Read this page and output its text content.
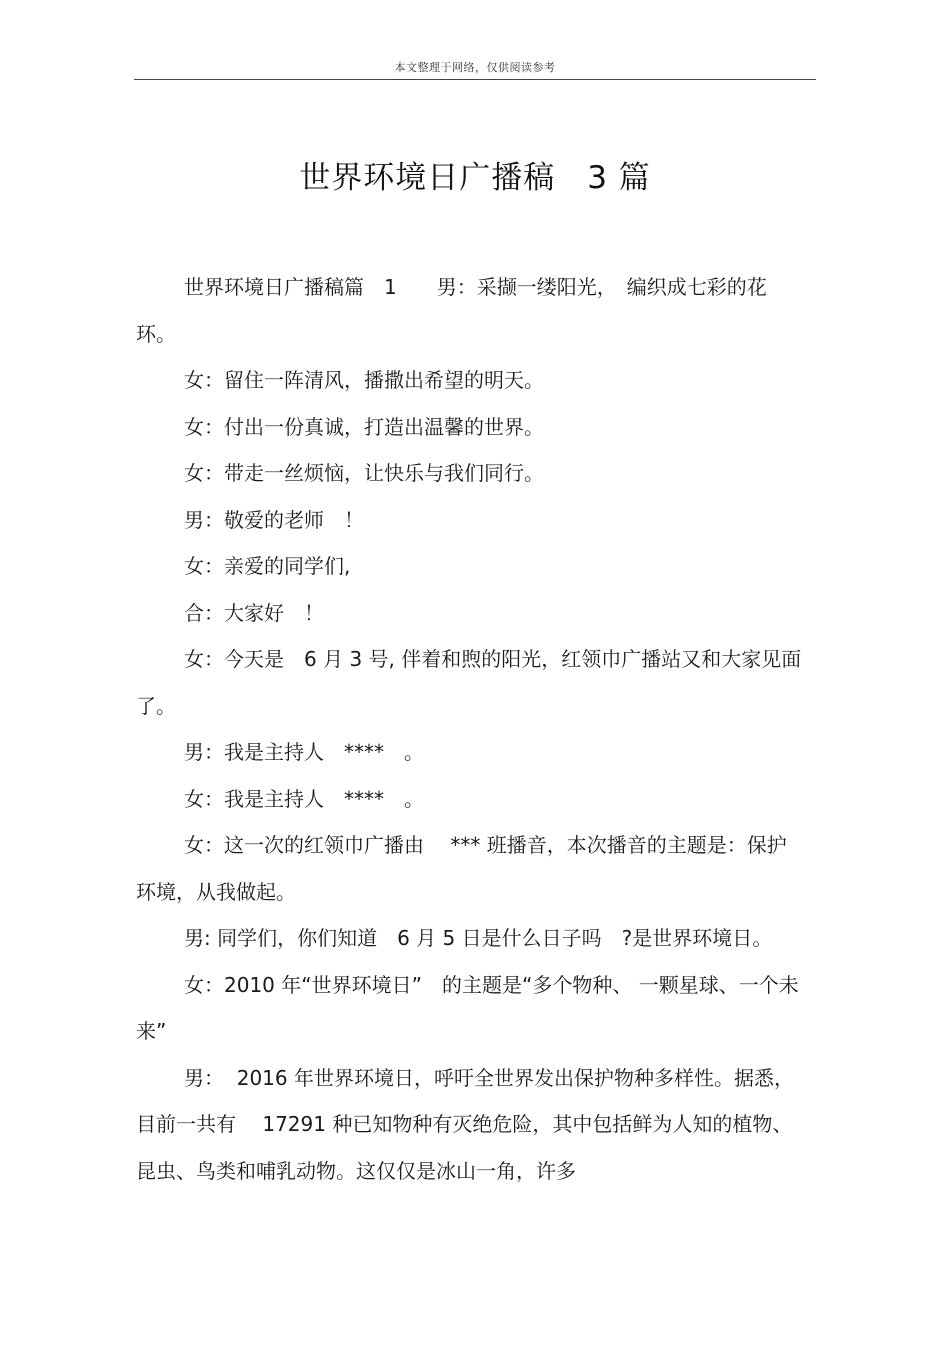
本文整理于网络，仅供阅读参考
世界环境日广播稿　3 篇

世界环境日广播稿篇　1　　男：采撷一缕阳光，　编织成七彩的花环。

女：留住一阵清风，播撒出希望的明天。

女：付出一份真诚，打造出温馨的世界。

女：带走一丝烦恼，让快乐与我们同行。

男：敬爱的老师　！

女：亲爱的同学们,

合：大家好　！

女：今天是　6 月 3 号, 伴着和煦的阳光，红领巾广播站又和大家见面了。

男：我是主持人　****　。

女：我是主持人　****　。

女：这一次的红领巾广播由　 *** 班播音，本次播音的主题是：保护环境，从我做起。

男: 同学们，你们知道　6 月 5 日是什么日子吗　?是世界环境日。

女：2010 年“世界环境日”　的主题是“多个物种、 一颗星球、一个未来”

男：  2016 年世界环境日，呼吁全世界发出保护物种多样性。据悉，目前一共有　 17291 种已知物种有灭绝危险，其中包括鲜为人知的植物、昆虫、鸟类和哺乳动物。这仅仅是冰山一角，许多
